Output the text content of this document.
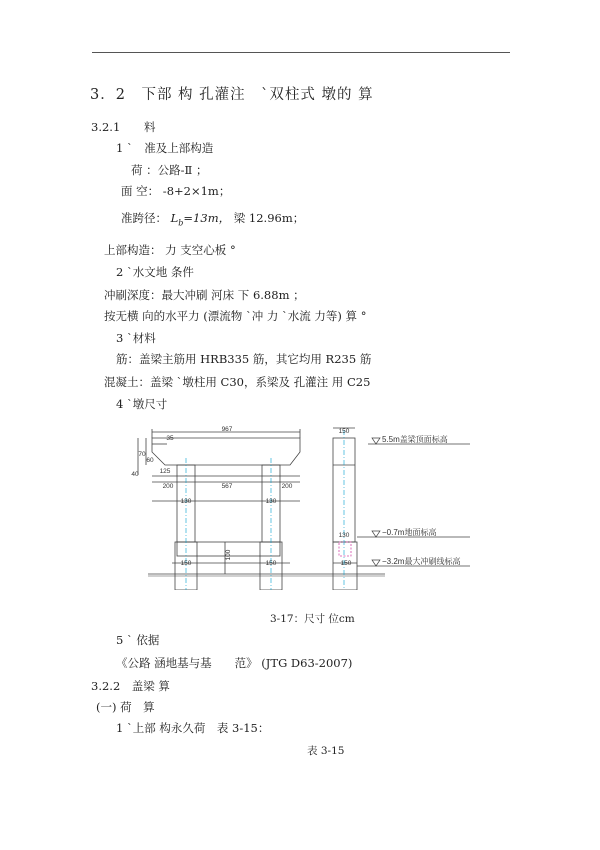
3．2　下部 构 孔灌注　`双柱式 墩的 算
3.2.1 料
1 `　准及上部构造
荷 ：公路-Ⅱ ；
面 空： -8+2×1m；
准跨径： $L_b=13m$， 梁 12.96m；
上部构造： 力 支空心板 °
2 `水文地 条件
冲刷深度：最大冲刷 河床 下 6.88m ；
按无横 向的水平力 (漂流物 `冲 力 `水流 力等) 算 °
3 `材料
筋：盖梁主筋用 HRB335 筋，其它均用 R235 筋
混凝土：盖梁 `墩柱用 C30，系梁及 孔灌注 用 C25
4 `墩尺寸
967
35
70
60
40	125
200	567	200
130	130
150	150
100
150
130
150
5.5m盖梁顶面标高
−0.7m地面标高
−3.2m最大冲刷线标高
3-17：尺寸 位cm
5 ` 依据
《公路 涵地基与基　　范》 (JTG D63-2007)
3.2.2　盖梁 算
(一) 荷　算
1 `上部 构永久荷　表 3-15：
表 3-15
